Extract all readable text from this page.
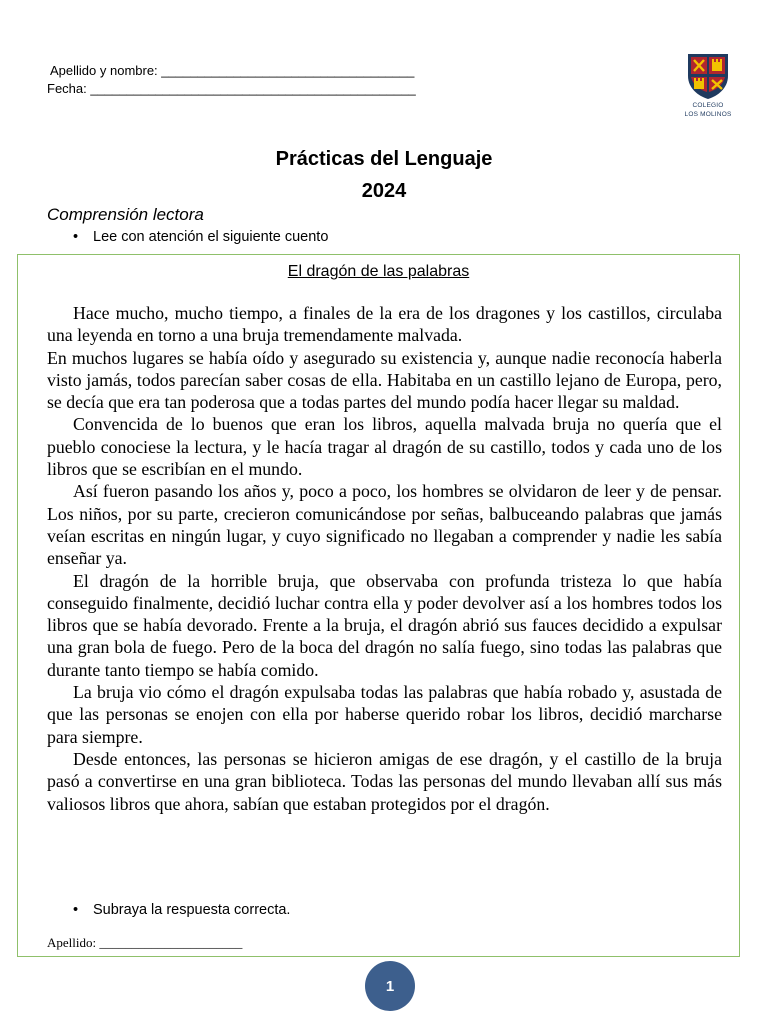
Apellido y nombre: ___________________________________
Fecha: _____________________________________________
COLEGIO
LOS MOLINOS
Prácticas del Lenguaje
2024
Comprensión lectora
• Lee con atención el siguiente cuento
El dragón de las palabras

Hace mucho, mucho tiempo, a finales de la era de los dragones y los castillos, circulaba una leyenda en torno a una bruja tremendamente malvada.

En muchos lugares se había oído y asegurado su existencia y, aunque nadie reconocía haberla visto jamás, todos parecían saber cosas de ella. Habitaba en un castillo lejano de Europa, pero, se decía que era tan poderosa que a todas partes del mundo podía hacer llegar su maldad.

Convencida de lo buenos que eran los libros, aquella malvada bruja no quería que el pueblo conociese la lectura, y le hacía tragar al dragón de su castillo, todos y cada uno de los libros que se escribían en el mundo.

Así fueron pasando los años y, poco a poco, los hombres se olvidaron de leer y de pensar. Los niños, por su parte, crecieron comunicándose por señas, balbuceando palabras que jamás veían escritas en ningún lugar, y cuyo significado no llegaban a comprender y nadie les sabía enseñar ya.

El dragón de la horrible bruja, que observaba con profunda tristeza lo que había conseguido finalmente, decidió luchar contra ella y poder devolver así a los hombres todos los libros que se había devorado. Frente a la bruja, el dragón abrió sus fauces decidido a expulsar una gran bola de fuego. Pero de la boca del dragón no salía fuego, sino todas las palabras que durante tanto tiempo se había comido.

La bruja vio cómo el dragón expulsaba todas las palabras que había robado y, asustada de que las personas se enojen con ella por haberse querido robar los libros, decidió marcharse para siempre.

Desde entonces, las personas se hicieron amigas de ese dragón, y el castillo de la bruja pasó a convertirse en una gran biblioteca. Todas las personas del mundo llevaban allí sus más valiosos libros que ahora, sabían que estaban protegidos por el dragón.

• Subraya la respuesta correcta.
Apellido: ______________________
1
